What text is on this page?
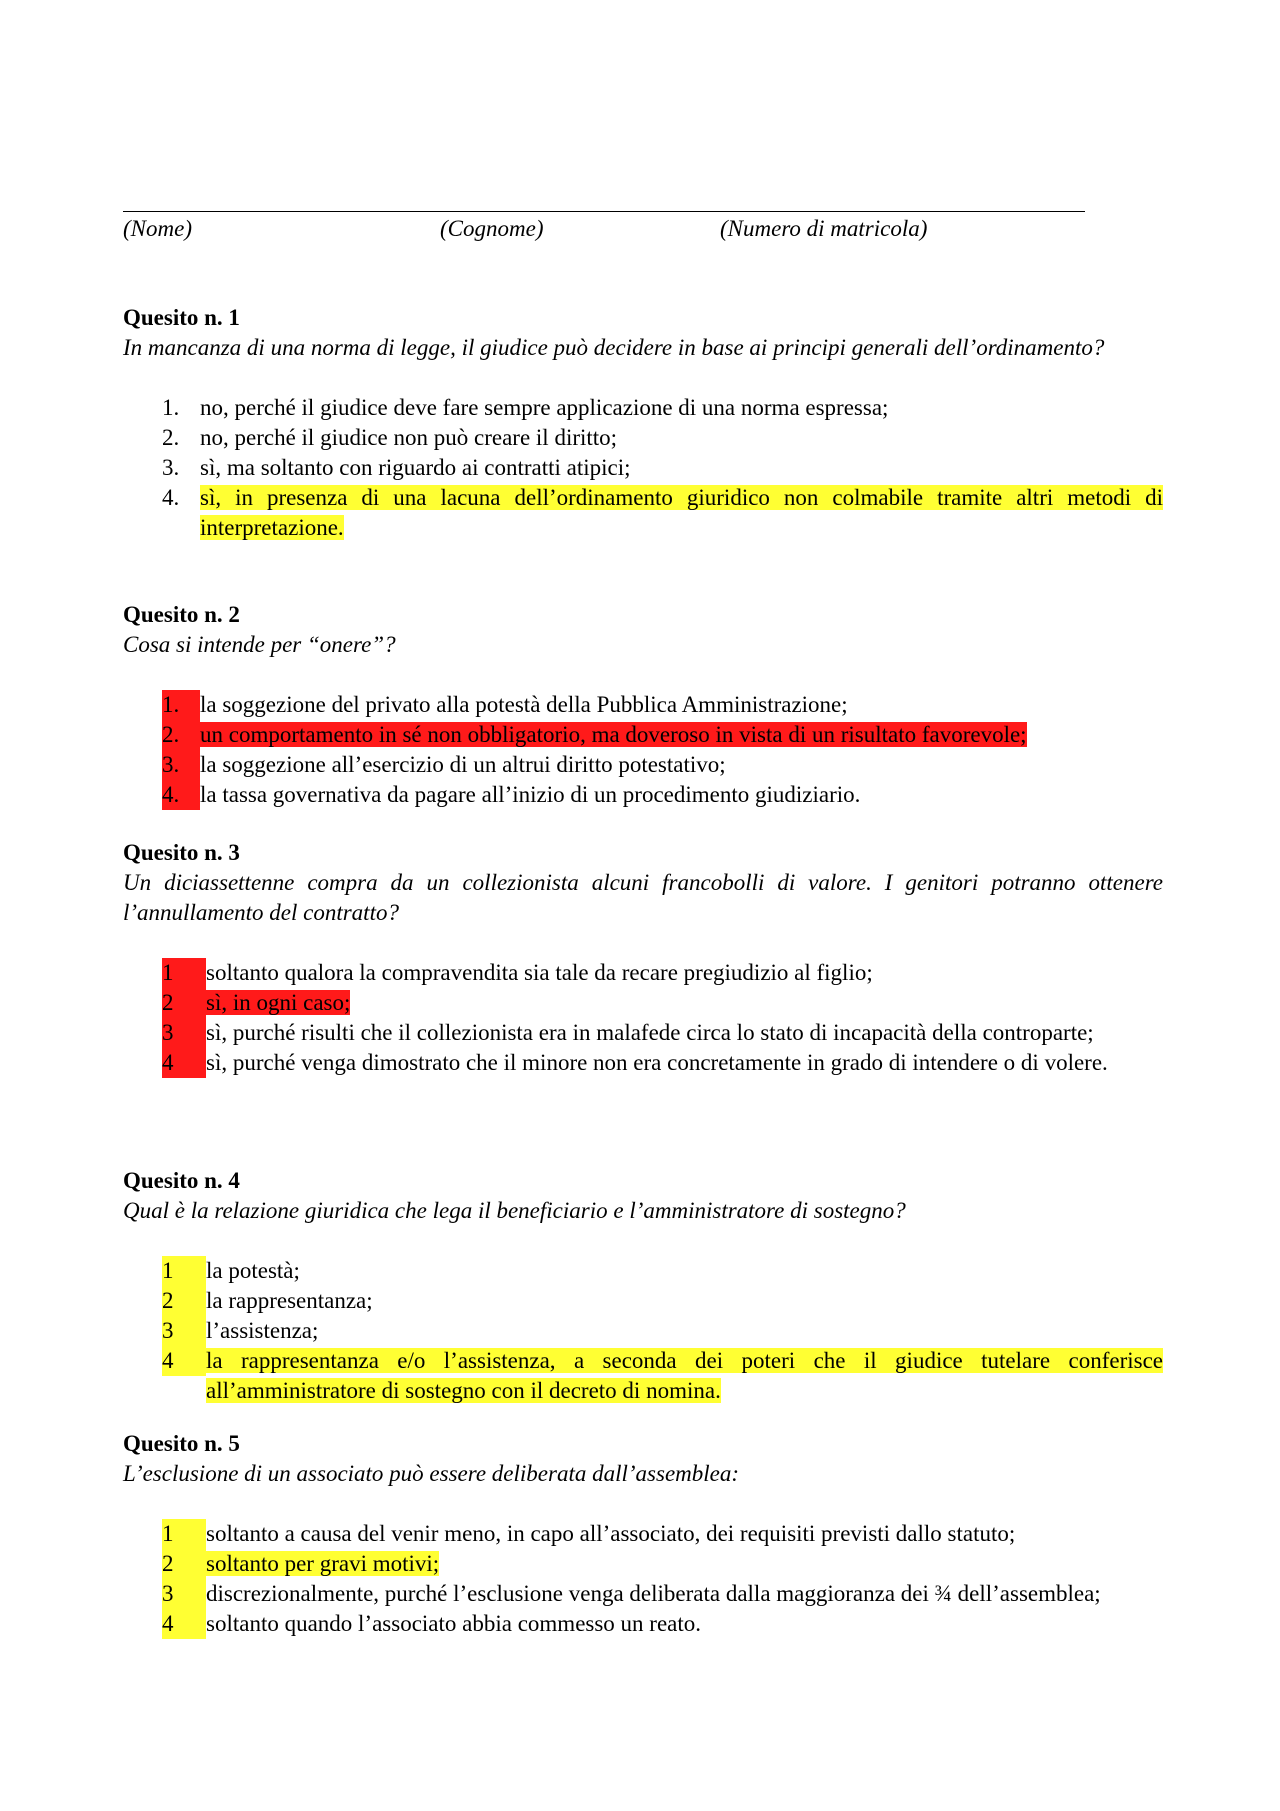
(Nome)	(Cognome)	(Numero di matricola)
Quesito n. 1
In mancanza di una norma di legge, il giudice può decidere in base ai principi generali dell’ordinamento?
1. no, perché il giudice deve fare sempre applicazione di una norma espressa;
2. no, perché il giudice non può creare il diritto;
3. sì, ma soltanto con riguardo ai contratti atipici;
4. sì, in presenza di una lacuna dell’ordinamento giuridico non colmabile tramite altri metodi di interpretazione.
Quesito n. 2
Cosa si intende per “onere”?
1. la soggezione del privato alla potestà della Pubblica Amministrazione;
2. un comportamento in sé non obbligatorio, ma doveroso in vista di un risultato favorevole;
3. la soggezione all’esercizio di un altrui diritto potestativo;
4. la tassa governativa da pagare all’inizio di un procedimento giudiziario.
Quesito n. 3
Un diciassettenne compra da un collezionista alcuni francobolli di valore. I genitori potranno ottenere l’annullamento del contratto?
1	soltanto qualora la compravendita sia tale da recare pregiudizio al figlio;
2	sì, in ogni caso;
3	sì, purché risulti che il collezionista era in malafede circa lo stato di incapacità della controparte;
4	sì, purché venga dimostrato che il minore non era concretamente in grado di intendere o di volere.
Quesito n. 4
Qual è la relazione giuridica che lega il beneficiario e l’amministratore di sostegno?
1	la potestà;
2	la rappresentanza;
3	l’assistenza;
4	la rappresentanza e/o l’assistenza, a seconda dei poteri che il giudice tutelare conferisce all’amministratore di sostegno con il decreto di nomina.
Quesito n. 5
L’esclusione di un associato può essere deliberata dall’assemblea:
1	soltanto a causa del venir meno, in capo all’associato, dei requisiti previsti dallo statuto;
2	soltanto per gravi motivi;
3	discrezionalmente, purché l’esclusione venga deliberata dalla maggioranza dei ¾ dell’assemblea;
4	soltanto quando l’associato abbia commesso un reato.
